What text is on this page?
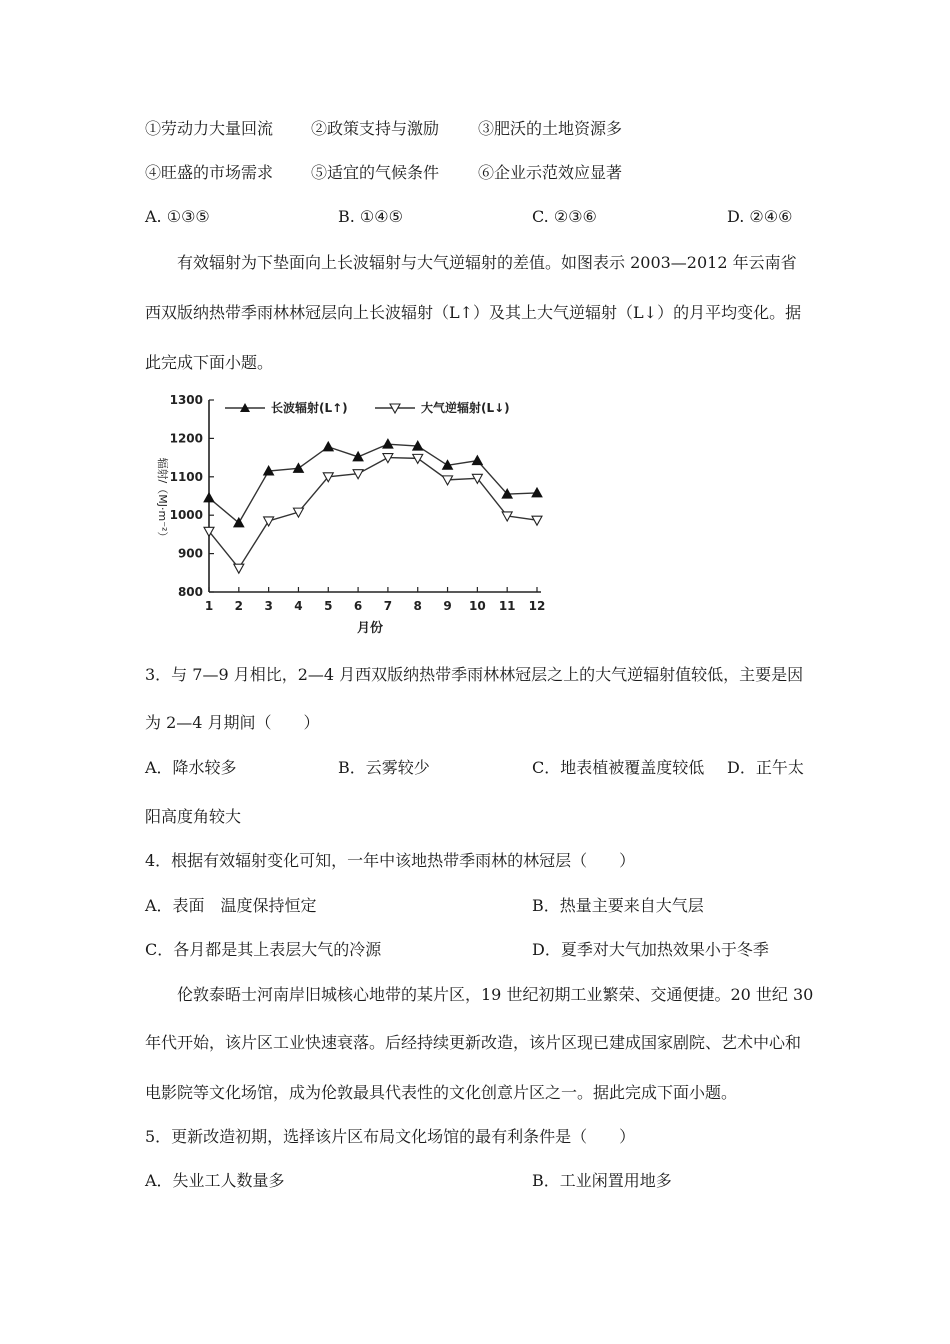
①劳动力大量回流 ②政策支持与激励 ③肥沃的土地资源多
④旺盛的市场需求 ⑤适宜的气候条件 ⑥企业示范效应显著
A. ①③⑤	B. ①④⑤	C. ②③⑥	D. ②④⑥
有效辐射为下垫面向上长波辐射与大气逆辐射的差值。如图表示 2003—2012 年云南省
西双版纳热带季雨林林冠层向上长波辐射（L↑）及其上大气逆辐射（L↓）的月平均变化。据
此完成下面小题。
800
900
1000
1100
1200
1300
1 2 3 4 5 6 7 8 9 10 11 12
长波辐射(L↑)	大气逆辐射(L↓)
辐射/（MJ·m⁻²）
月份
3．与 7—9 月相比，2—4 月西双版纳热带季雨林林冠层之上的大气逆辐射值较低，主要是因
为 2—4 月期间（　　）
A．降水较多	B．云雾较少	C．地表植被覆盖度较低 D．正午太
阳高度角较大
4．根据有效辐射变化可知，一年中该地热带季雨林的林冠层（　　）
A．表面　温度保持恒定	B．热量主要来自大气层
C．各月都是其上表层大气的冷源	D．夏季对大气加热效果小于冬季
伦敦泰晤士河南岸旧城核心地带的某片区，19 世纪初期工业繁荣、交通便捷。20 世纪 30
年代开始，该片区工业快速衰落。后经持续更新改造，该片区现已建成国家剧院、艺术中心和
电影院等文化场馆，成为伦敦最具代表性的文化创意片区之一。据此完成下面小题。
5．更新改造初期，选择该片区布局文化场馆的最有利条件是（　　）
A．失业工人数量多	B．工业闲置用地多
